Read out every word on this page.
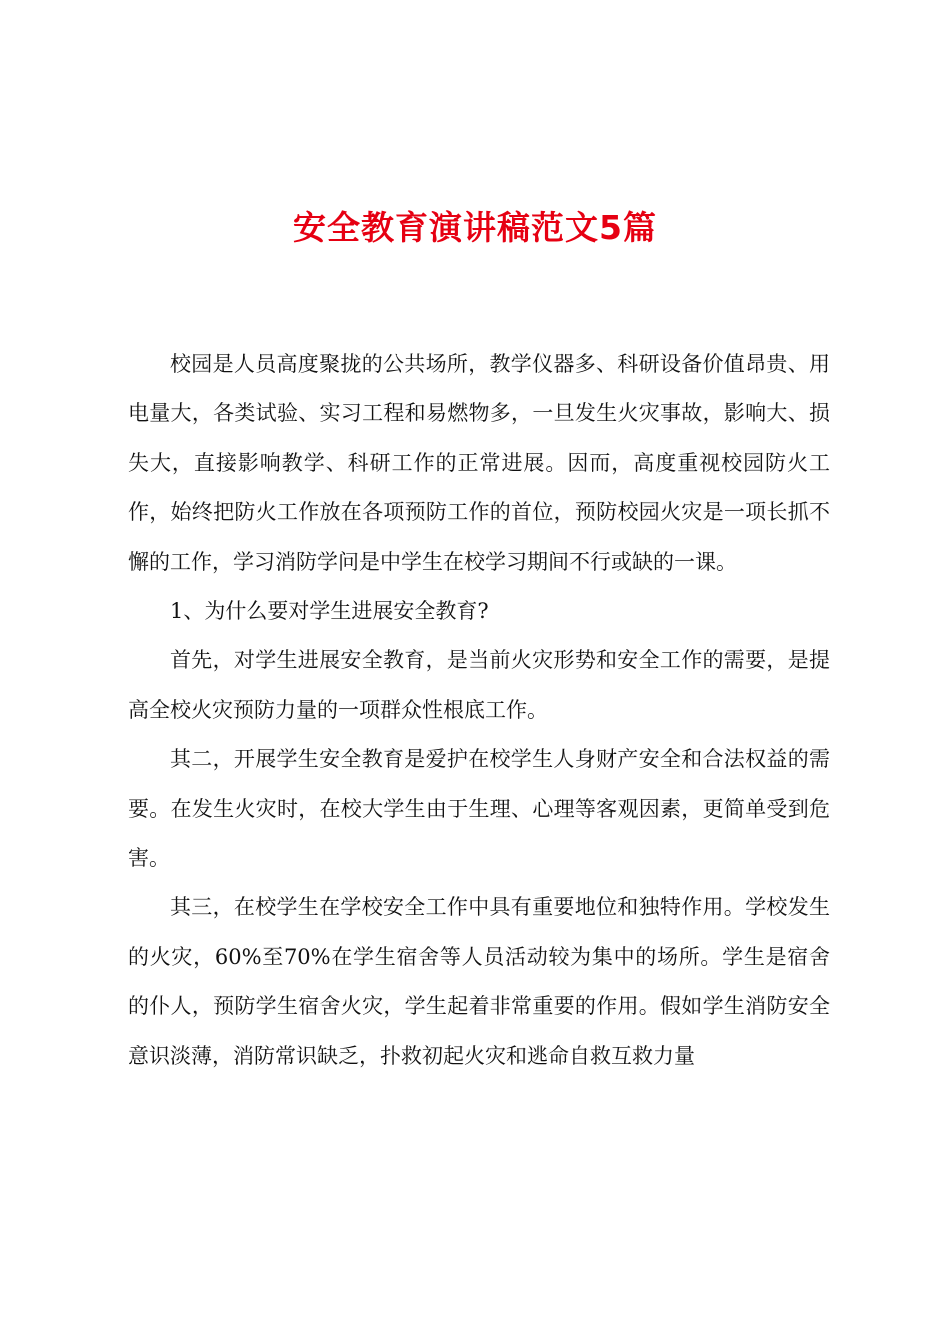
安全教育演讲稿范文5篇

校园是人员高度聚拢的公共场所，教学仪器多、科研设备价值昂贵、用电量大，各类试验、实习工程和易燃物多，一旦发生火灾事故，影响大、损失大，直接影响教学、科研工作的正常进展。因而，高度重视校园防火工作，始终把防火工作放在各项预防工作的首位，预防校园火灾是一项长抓不懈的工作，学习消防学问是中学生在校学习期间不行或缺的一课。

1、为什么要对学生进展安全教育?

首先，对学生进展安全教育，是当前火灾形势和安全工作的需要，是提高全校火灾预防力量的一项群众性根底工作。

其二，开展学生安全教育是爱护在校学生人身财产安全和合法权益的需要。在发生火灾时，在校大学生由于生理、心理等客观因素，更简单受到危害。

其三，在校学生在学校安全工作中具有重要地位和独特作用。学校发生的火灾，60%至70%在学生宿舍等人员活动较为集中的场所。学生是宿舍的仆人，预防学生宿舍火灾，学生起着非常重要的作用。假如学生消防安全意识淡薄，消防常识缺乏，扑救初起火灾和逃命自救互救力量
